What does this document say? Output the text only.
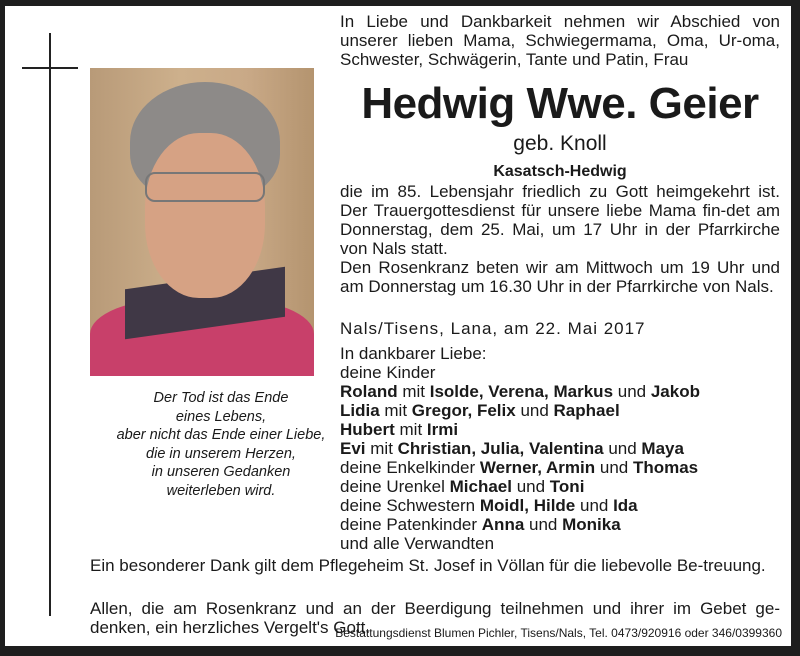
Der Tod ist das Ende
eines Lebens,
aber nicht das Ende einer Liebe,
die in unserem Herzen,
in unseren Gedanken
weiterleben wird.
In Liebe und Dankbarkeit nehmen wir Abschied von unserer lieben Mama, Schwiegermama, Oma, Ur-oma, Schwester, Schwägerin, Tante und Patin, Frau
Hedwig Wwe. Geier
geb. Knoll
Kasatsch-Hedwig
die im 85. Lebensjahr friedlich zu Gott heimgekehrt ist. Der Trauergottesdienst für unsere liebe Mama fin-det am Donnerstag, dem 25. Mai, um 17 Uhr in der Pfarrkirche von Nals statt.
Den Rosenkranz beten wir am Mittwoch um 19 Uhr und am Donnerstag um 16.30 Uhr in der Pfarrkirche von Nals.
Nals/Tisens, Lana, am 22. Mai 2017
In dankbarer Liebe:
deine Kinder
Roland mit Isolde, Verena, Markus und Jakob
Lidia mit Gregor, Felix und Raphael
Hubert mit Irmi
Evi mit Christian, Julia, Valentina und Maya
deine Enkelkinder Werner, Armin und Thomas
deine Urenkel Michael und Toni
deine Schwestern Moidl, Hilde und Ida
deine Patenkinder Anna und Monika
und alle Verwandten
Ein besonderer Dank gilt dem Pflegeheim St. Josef in Völlan für die liebevolle Be-treuung.
Allen, die am Rosenkranz und an der Beerdigung teilnehmen und ihrer im Gebet ge-denken, ein herzliches Vergelt's Gott.
Bestattungsdienst Blumen Pichler, Tisens/Nals, Tel. 0473/920916 oder 346/0399360
